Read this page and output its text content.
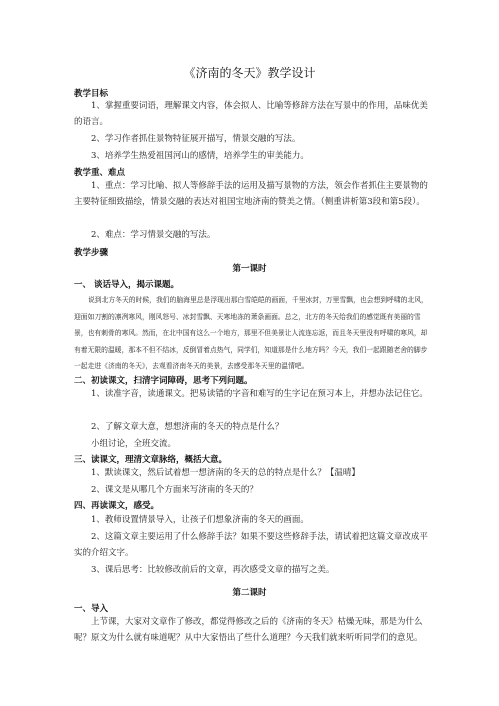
《济南的冬天》教学设计
教学目标
1、掌握重要词语，理解课文内容，体会拟人、比喻等修辞方法在写景中的作用，品味优美的语言。
2、学习作者抓住景物特征展开描写，情景交融的写法。
3、培养学生热爱祖国河山的感情，培养学生的审美能力。
教学重、难点
1、重点：学习比喻、拟人等修辞手法的运用及描写景物的方法，领会作者抓住主要景物的主要特征细致描绘，情景交融的表达对祖国宝地济南的赞美之情。（侧重讲析第3段和第5段）。
2、难点：学习情景交融的写法。
教学步骤
第一课时
一、 谈话导入，揭示课题。
说到北方冬天的时候，我们的脑海里总是浮现出那白雪皑皑的画面，千里冰封，万里雪飘，也会想到呼啸的北风，迎面如刀割的凛冽寒风，刚风怒号、冰封雪飘、天寒地冻的萧条画面。总之，北方的冬天给我们的感觉既有美丽的雪景，也有刺骨的寒风。然而，在北中国有这么一个地方，那里不但美景让人流连忘返，而且冬天里没有呼啸的寒风，却有着无限的温暖，那本不但不结冰，反倒冒着点热气，同学们，知道那是什么地方吗？今天，我们一起跟随老舍的脚步一起走进《济南的冬天》，去观看济南冬天的美景，去感受那冬天里的温情吧。
二、初读课文，扫清字词障碍，思考下列问题。
1、读准字音，读通课文。把易读错的字音和难写的生字记在预习本上，并想办法记住它。
2、了解文章大意，想想济南的冬天的特点是什么？
小组讨论，全班交流。
三、读课文，理清文章脉络，概括大意。
1、默读课文，然后试着想一想济南的冬天的总的特点是什么？【温晴】
2、课文是从哪几个方面来写济南的冬天的？
四、再读课文，感受。
1、教师设置情景导入，让孩子们想象济南的冬天的画面。
2、这篇文章主要运用了什么修辞手法？如果不要这些修辞手法，请试着把这篇文章改成平实的介绍文字。
3、课后思考：比较修改前后的文章，再次感受文章的描写之美。
第二课时
一、导入
上节课，大家对文章作了修改，都觉得修改之后的《济南的冬天》枯燥无味，那是为什么呢？原文为什么就有味道呢？从中大家悟出了些什么道理？今天我们就来听听同学们的意见。
